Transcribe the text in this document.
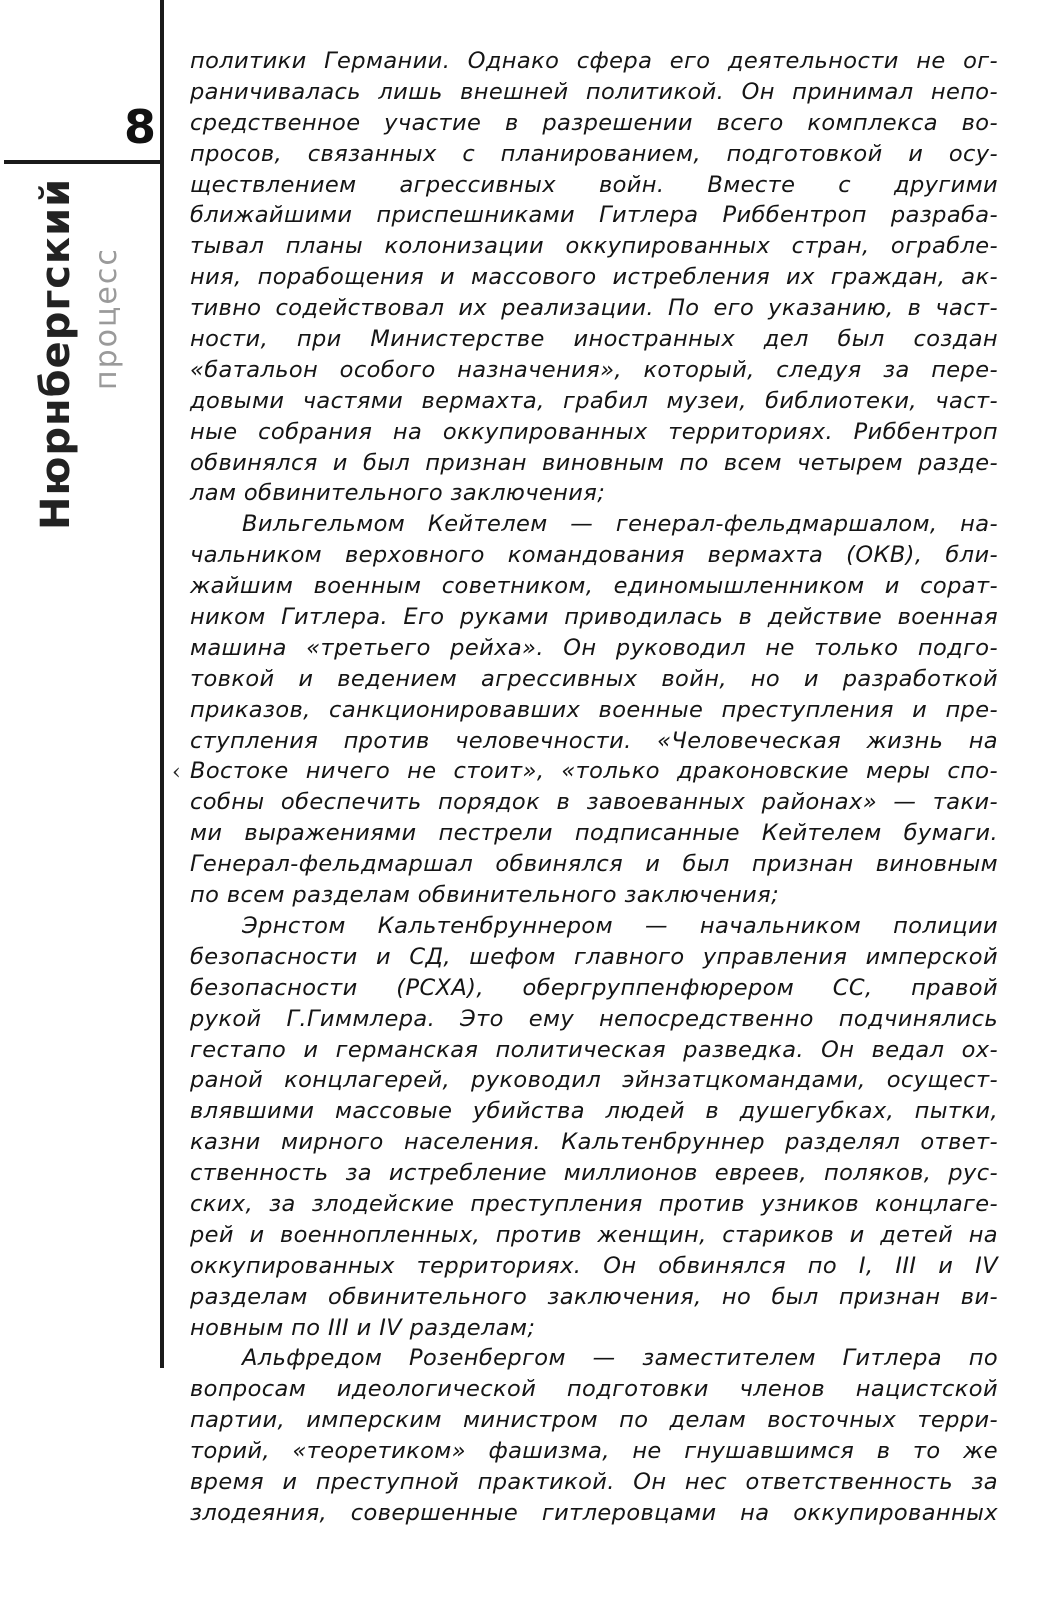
Нюрнбергский процесс
8
‹
политики Германии. Однако сфера его деятельности не ог-
раничивалась лишь внешней политикой. Он принимал непо-
средственное участие в разрешении всего комплекса во-
просов, связанных с планированием, подготовкой и осу-
ществлением агрессивных войн. Вместе с другими
ближайшими приспешниками Гитлера Риббентроп разраба-
тывал планы колонизации оккупированных стран, ограбле-
ния, порабощения и массового истребления их граждан, ак-
тивно содействовал их реализации. По его указанию, в част-
ности, при Министерстве иностранных дел был создан
«батальон особого назначения», который, следуя за пере-
довыми частями вермахта, грабил музеи, библиотеки, част-
ные собрания на оккупированных территориях. Риббентроп
обвинялся и был признан виновным по всем четырем разде-
лам обвинительного заключения;
Вильгельмом Кейтелем — генерал-фельдмаршалом, на-
чальником верховного командования вермахта (ОКВ), бли-
жайшим военным советником, единомышленником и сорат-
ником Гитлера. Его руками приводилась в действие военная
машина «третьего рейха». Он руководил не только подго-
товкой и ведением агрессивных войн, но и разработкой
приказов, санкционировавших военные преступления и пре-
ступления против человечности. «Человеческая жизнь на
Востоке ничего не стоит», «только драконовские меры спо-
собны обеспечить порядок в завоеванных районах» — таки-
ми выражениями пестрели подписанные Кейтелем бумаги.
Генерал-фельдмаршал обвинялся и был признан виновным
по всем разделам обвинительного заключения;
Эрнстом Кальтенбруннером — начальником полиции
безопасности и СД, шефом главного управления имперской
безопасности (РСХА), обергруппенфюрером СС, правой
рукой Г.Гиммлера. Это ему непосредственно подчинялись
гестапо и германская политическая разведка. Он ведал ох-
раной концлагерей, руководил эйнзатцкомандами, осущест-
влявшими массовые убийства людей в душегубках, пытки,
казни мирного населения. Кальтенбруннер разделял ответ-
ственность за истребление миллионов евреев, поляков, рус-
ских, за злодейские преступления против узников концлаге-
рей и военнопленных, против женщин, стариков и детей на
оккупированных территориях. Он обвинялся по I, III и IV
разделам обвинительного заключения, но был признан ви-
новным по III и IV разделам;
Альфредом Розенбергом — заместителем Гитлера по
вопросам идеологической подготовки членов нацистской
партии, имперским министром по делам восточных терри-
торий, «теоретиком» фашизма, не гнушавшимся в то же
время и преступной практикой. Он нес ответственность за
злодеяния, совершенные гитлеровцами на оккупированных
